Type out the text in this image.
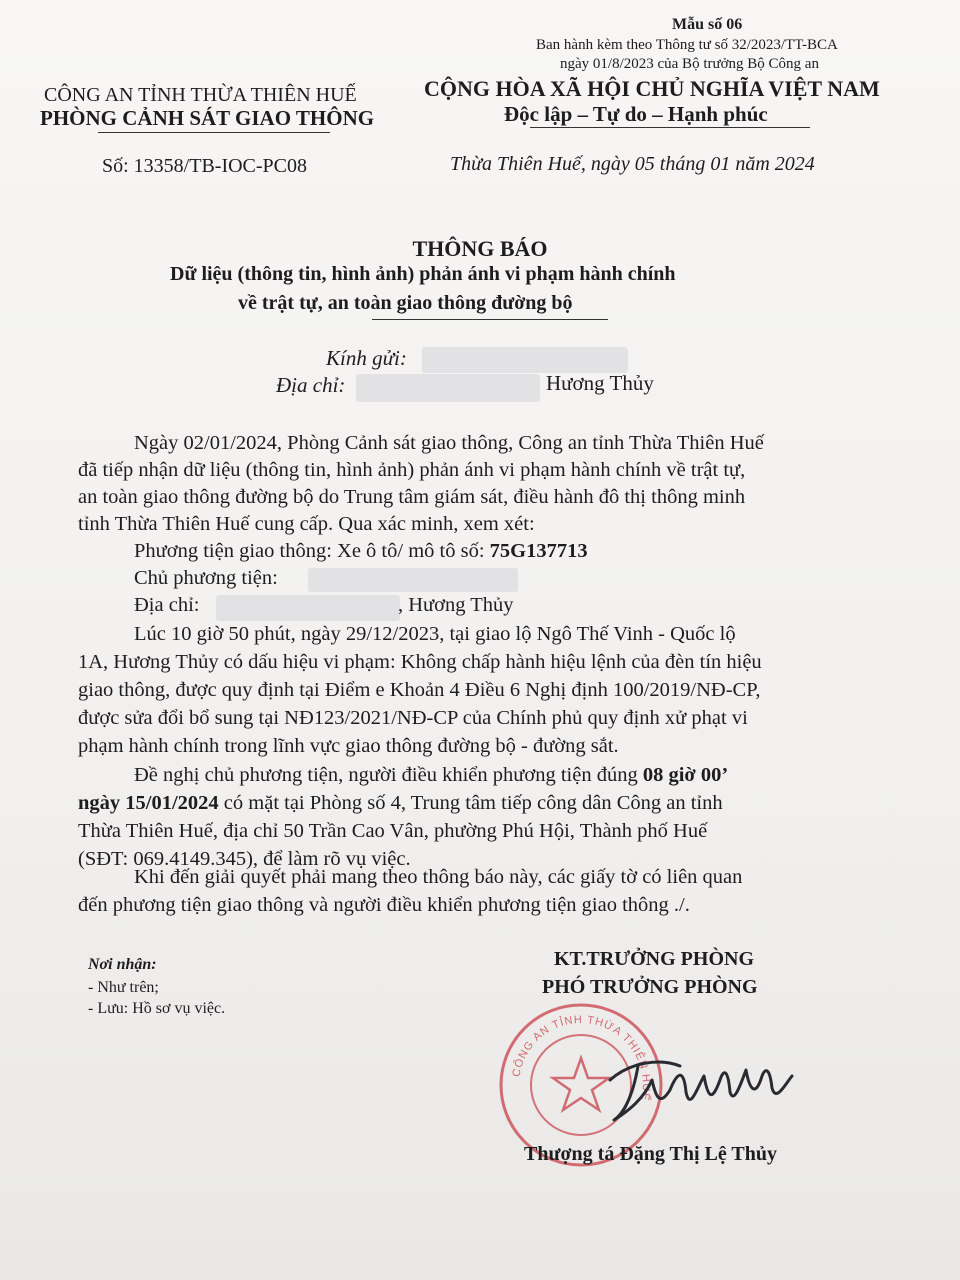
Mẫu số 06
Ban hành kèm theo Thông tư số 32/2023/TT-BCA
ngày 01/8/2023 của Bộ trưởng Bộ Công an
CÔNG AN TỈNH THỪA THIÊN HUẾ
PHÒNG CẢNH SÁT GIAO THÔNG
CỘNG HÒA XÃ HỘI CHỦ NGHĨA VIỆT NAM
Độc lập – Tự do – Hạnh phúc
Số: 13358/TB-IOC-PC08	Thừa Thiên Huế, ngày 05 tháng 01 năm 2024
THÔNG BÁO
Dữ liệu (thông tin, hình ảnh) phản ánh vi phạm hành chính
về trật tự, an toàn giao thông đường bộ
Kính gửi:
Địa chỉ:	Hương Thủy
Ngày 02/01/2024, Phòng Cảnh sát giao thông, Công an tỉnh Thừa Thiên Huế
đã tiếp nhận dữ liệu (thông tin, hình ảnh) phản ánh vi phạm hành chính về trật tự,
an toàn giao thông đường bộ do Trung tâm giám sát, điều hành đô thị thông minh
tỉnh Thừa Thiên Huế cung cấp. Qua xác minh, xem xét:
Phương tiện giao thông: Xe ô tô/ mô tô số: 75G137713
Chủ phương tiện:
Địa chỉ:	, Hương Thủy
Lúc 10 giờ 50 phút, ngày 29/12/2023, tại giao lộ Ngô Thế Vinh - Quốc lộ
1A, Hương Thủy có dấu hiệu vi phạm: Không chấp hành hiệu lệnh của đèn tín hiệu
giao thông, được quy định tại Điểm e Khoản 4 Điều 6 Nghị định 100/2019/NĐ-CP,
được sửa đổi bổ sung tại NĐ123/2021/NĐ-CP của Chính phủ quy định xử phạt vi
phạm hành chính trong lĩnh vực giao thông đường bộ - đường sắt.
Đề nghị chủ phương tiện, người điều khiển phương tiện đúng 08 giờ 00’
ngày 15/01/2024 có mặt tại Phòng số 4, Trung tâm tiếp công dân Công an tỉnh
Thừa Thiên Huế, địa chỉ 50 Trần Cao Vân, phường Phú Hội, Thành phố Huế
(SĐT: 069.4149.345), để làm rõ vụ việc.
Khi đến giải quyết phải mang theo thông báo này, các giấy tờ có liên quan
đến phương tiện giao thông và người điều khiển phương tiện giao thông ./.
Nơi nhận:
- Như trên;
- Lưu: Hồ sơ vụ việc.
KT.TRƯỞNG PHÒNG
PHÓ TRƯỞNG PHÒNG
CÔNG AN TỈNH THỪA THIÊN HUẾ
Thượng tá Đặng Thị Lệ Thủy
